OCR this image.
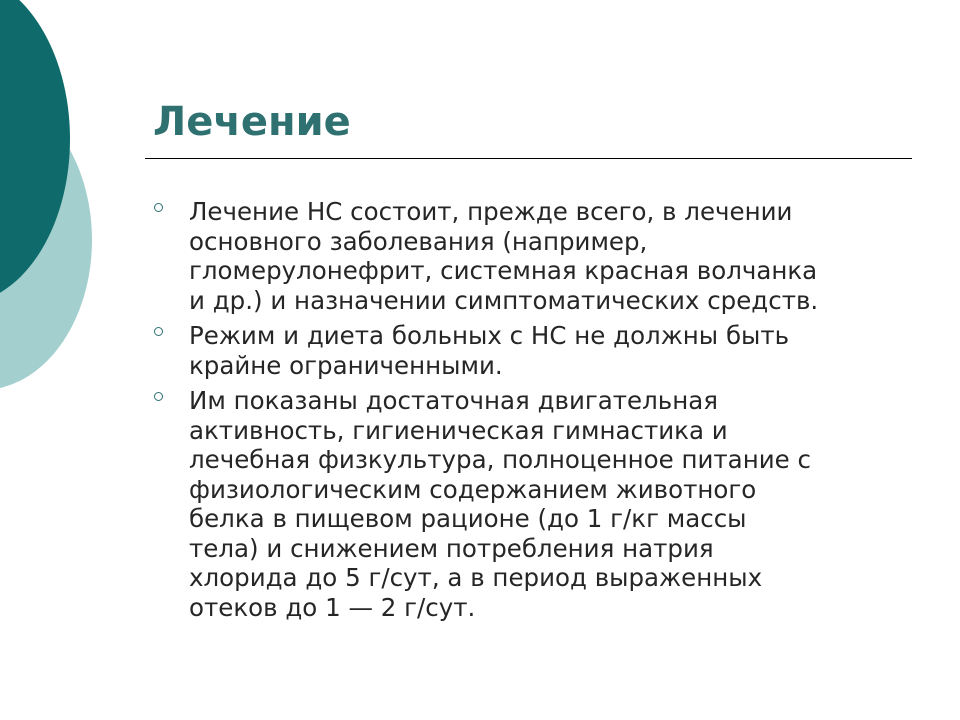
Лечение
Лечение НС состоит, прежде всего, в лечении
основного заболевания (например,
гломерулонефрит, системная красная волчанка
и др.) и назначении симптоматических средств.
Режим и диета больных с НС не должны быть
крайне ограниченными.
Им показаны достаточная двигательная
активность, гигиеническая гимнастика и
лечебная физкультура, полноценное питание с
физиологическим содержанием животного
белка в пищевом рационе (до 1 г/кг массы
тела) и снижением потребления натрия
хлорида до 5 г/сут, а в период выраженных
отеков до 1 — 2 г/сут.
